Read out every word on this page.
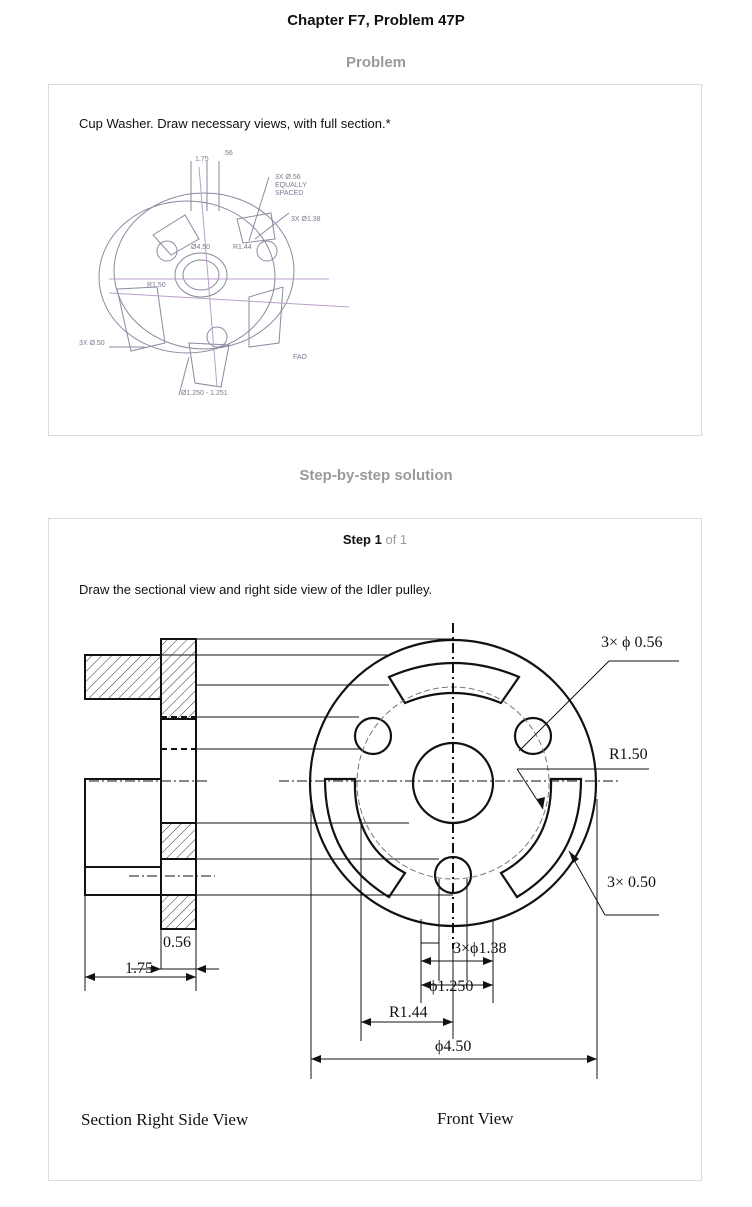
Chapter F7, Problem 47P
Problem
Cup Washer. Draw necessary views, with full section.*
1.75
.56
3X Ø.56
EQUALLY
SPACED
3X Ø1.38
R1.44
Ø4.50
R1.50
3X Ø.50
Ø1.250 - 1.251
FAO
Step-by-step solution
Step 1 of 1
Draw the sectional view and right side view of the Idler pulley.
0.56
1.75
3× ϕ 0.56
R1.50
3× 0.50
3×ϕ1.38
ϕ1.250
R1.44
ϕ4.50
Section Right Side View	Front View
